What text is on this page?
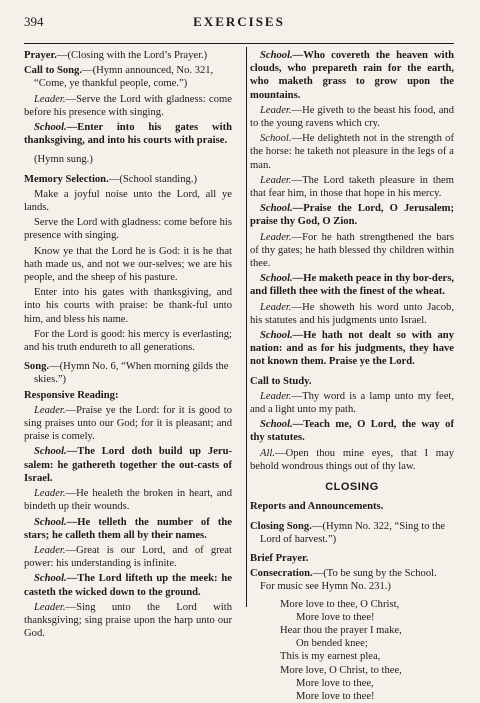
394	EXERCISES

Prayer.—(Closing with the Lord’s Prayer.)

Call to Song.—(Hymn announced, No. 321, “Come, ye thankful people, come.”)

Leader.—Serve the Lord with gladness: come before his presence with singing.

School.—Enter into his gates with thanksgiving, and into his courts with praise.

(Hymn sung.)

Memory Selection.—(School standing.)

Make a joyful noise unto the Lord, all ye lands.

Serve the Lord with gladness: come before his presence with singing.

Know ye that the Lord he is God: it is he that hath made us, and not we our-selves; we are his people, and the sheep of his pasture.

Enter into his gates with thanksgiving, and into his courts with praise: be thank-ful unto him, and bless his name.

For the Lord is good: his mercy is everlasting; and his truth endureth to all generations.

Song.—(Hymn No. 6, “When morning gilds the skies.”)

Responsive Reading:

Leader.—Praise ye the Lord: for it is good to sing praises unto our God; for it is pleasant; and praise is comely.

School.—The Lord doth build up Jeru-salem: he gathereth together the out-casts of Israel.

Leader.—He healeth the broken in heart, and bindeth up their wounds.

School.—He telleth the number of the stars; he calleth them all by their names.

Leader.—Great is our Lord, and of great power: his understanding is infinite.

School.—The Lord lifteth up the meek: he casteth the wicked down to the ground.

Leader.—Sing unto the Lord with thanksgiving; sing praise upon the harp unto our God.

School.—Who covereth the heaven with clouds, who prepareth rain for the earth, who maketh grass to grow upon the mountains.

Leader.—He giveth to the beast his food, and to the young ravens which cry.

School.—He delighteth not in the strength of the horse: he taketh not pleasure in the legs of a man.

Leader.—The Lord taketh pleasure in them that fear him, in those that hope in his mercy.

School.—Praise the Lord, O Jerusalem; praise thy God, O Zion.

Leader.—For he hath strengthened the bars of thy gates; he hath blessed thy children within thee.

School.—He maketh peace in thy bor-ders, and filleth thee with the finest of the wheat.

Leader.—He showeth his word unto Jacob, his statutes and his judgments unto Israel.

School.—He hath not dealt so with any nation: and as for his judgments, they have not known them. Praise ye the Lord.

Call to Study.

Leader.—Thy word is a lamp unto my feet, and a light unto my path.

School.—Teach me, O Lord, the way of thy statutes.

All.—Open thou mine eyes, that I may behold wondrous things out of thy law.

CLOSING

Reports and Announcements.

Closing Song.—(Hymn No. 322, “Sing to the Lord of harvest.”)

Brief Prayer.

Consecration.—(To be sung by the School. For music see Hymn No. 231.)

More love to thee, O Christ,
More love to thee!
Hear thou the prayer I make,
On bended knee;
This is my earnest plea,
More love, O Christ, to thee,
More love to thee,
More love to thee!
